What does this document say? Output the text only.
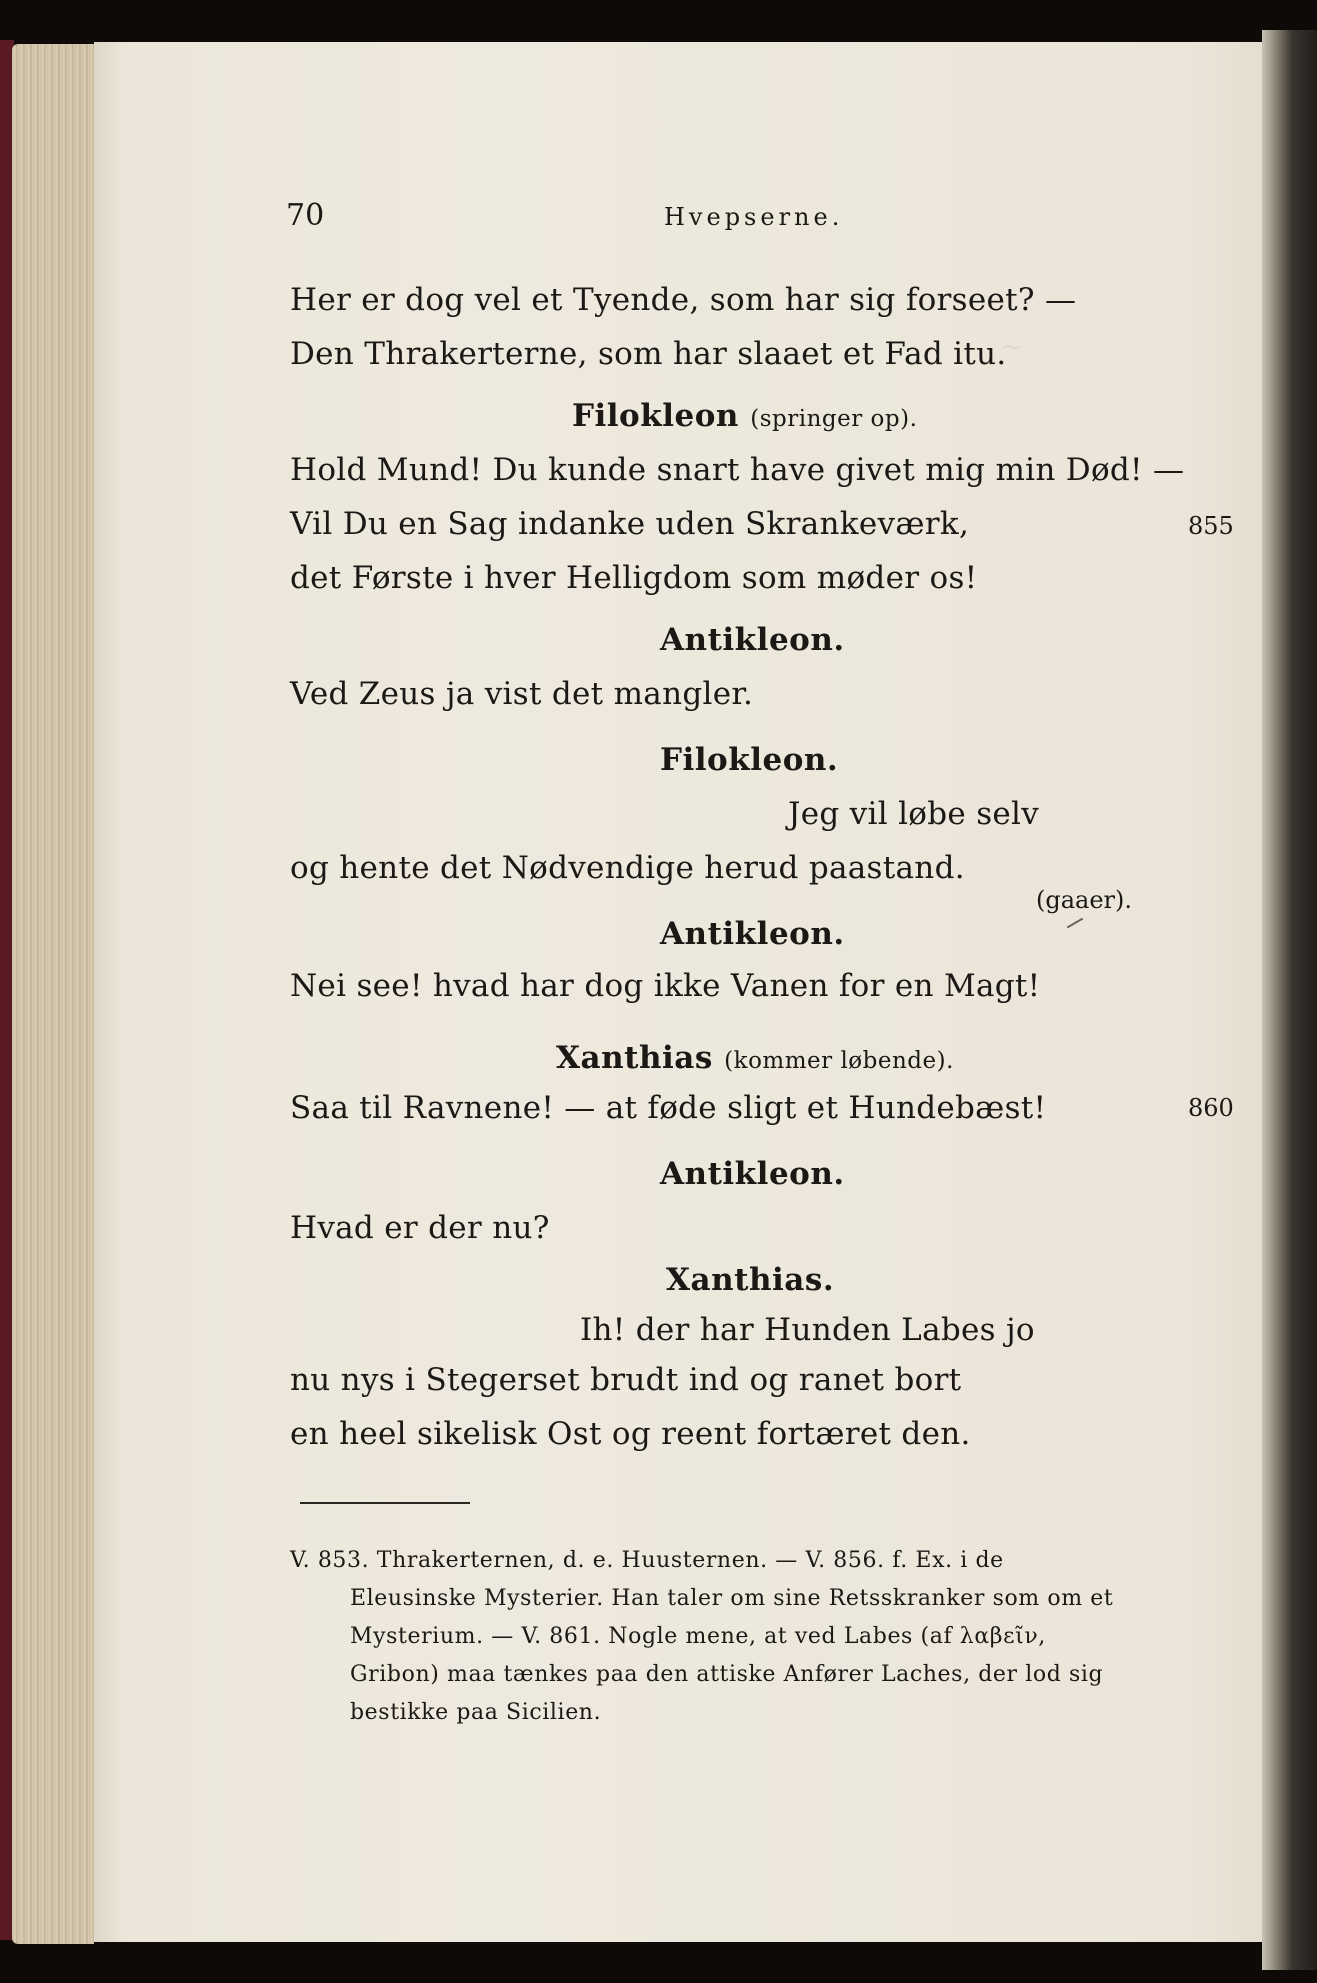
~
70	Hvepserne.
Her er dog vel et Tyende, som har sig forseet? —
Den Thrakerterne, som har slaaet et Fad itu.
Filokleon (springer op).
Hold Mund! Du kunde snart have givet mig min Død! —
Vil Du en Sag indanke uden Skrankeværk,	855
det Første i hver Helligdom som møder os!
Antikleon.
Ved Zeus ja vist det mangler.
Filokleon.
Jeg vil løbe selv
og hente det Nødvendige herud paastand.
(gaaer).
Antikleon.
Nei see! hvad har dog ikke Vanen for en Magt!
Xanthias (kommer løbende).
Saa til Ravnene! — at føde sligt et Hundebæst!	860
Antikleon.
Hvad er der nu?
Xanthias.
Ih! der har Hunden Labes jo
nu nys i Stegerset brudt ind og ranet bort
en heel sikelisk Ost og reent fortæret den.
V. 853. Thrakerternen, d. e. Huusternen. — V. 856. f. Ex. i de
Eleusinske Mysterier. Han taler om sine Retsskranker som om et
Mysterium. — V. 861. Nogle mene, at ved Labes (af λαβεῖν,
Gribon) maa tænkes paa den attiske Anfører Laches, der lod sig
bestikke paa Sicilien.
